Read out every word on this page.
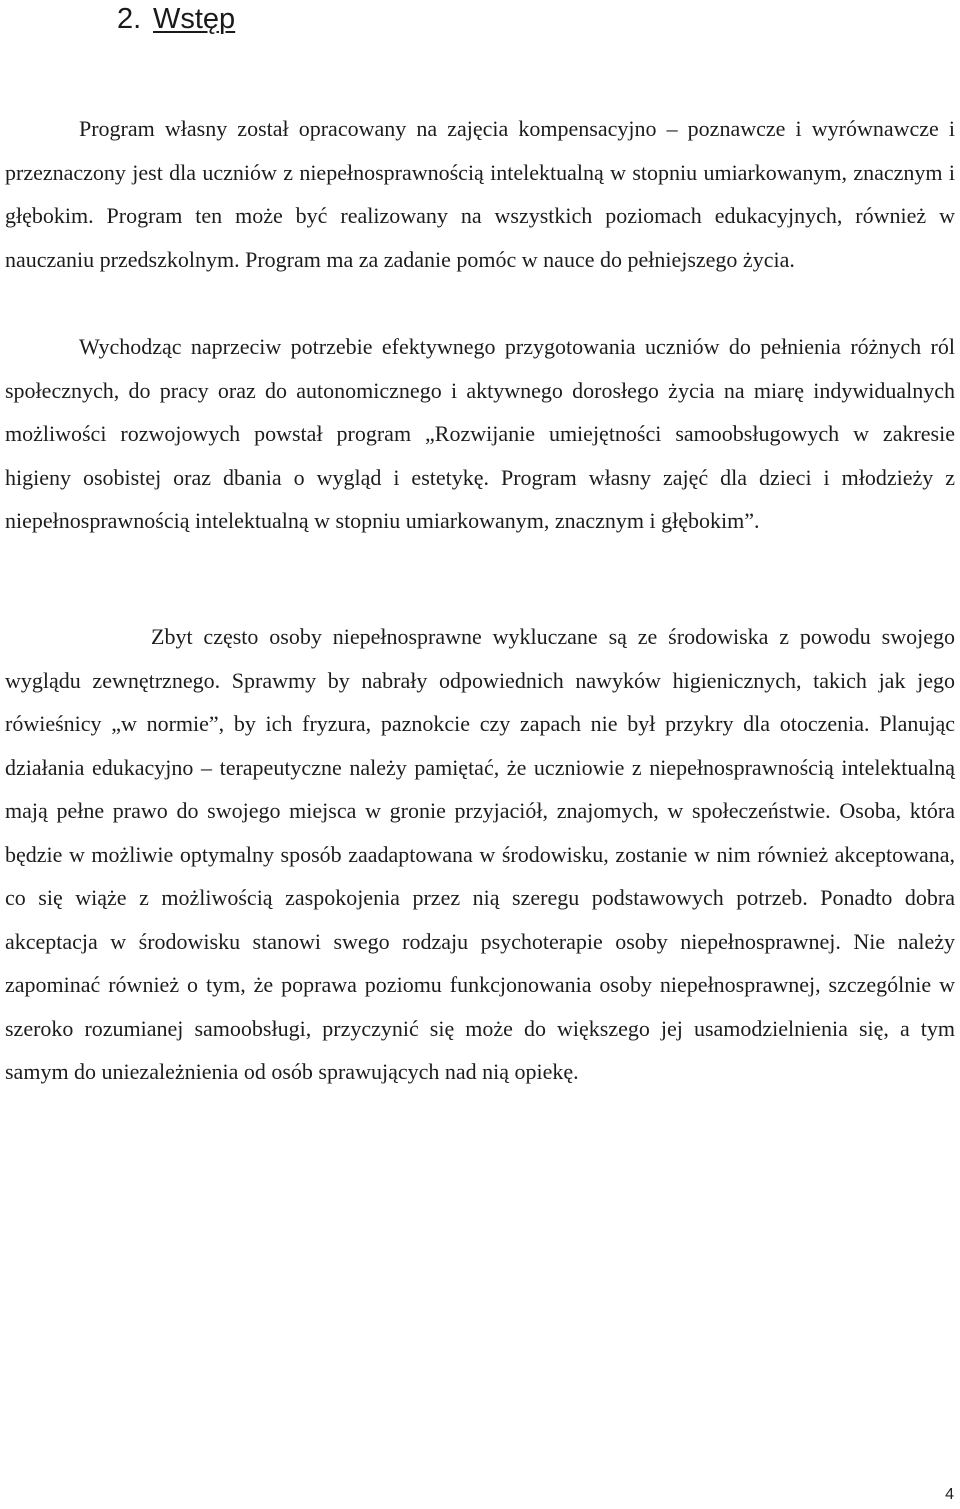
2. Wstęp

Program własny został opracowany na zajęcia kompensacyjno – poznawcze i wyrównawcze i przeznaczony jest dla uczniów z niepełnosprawnością intelektualną w stopniu umiarkowanym, znacznym i głębokim. Program ten może być realizowany na wszystkich poziomach edukacyjnych, również w nauczaniu przedszkolnym. Program ma za zadanie pomóc w nauce do pełniejszego życia.

Wychodząc naprzeciw potrzebie efektywnego przygotowania uczniów do pełnienia różnych ról społecznych, do pracy oraz do autonomicznego i aktywnego dorosłego życia na miarę indywidualnych możliwości rozwojowych powstał program „Rozwijanie umiejętności samoobsługowych w zakresie higieny osobistej oraz dbania o wygląd i estetykę. Program własny zajęć dla dzieci i młodzieży z niepełnosprawnością intelektualną w stopniu umiarkowanym, znacznym i głębokim”.

Zbyt często osoby niepełnosprawne wykluczane są ze środowiska z powodu swojego wyglądu zewnętrznego. Sprawmy by nabrały odpowiednich nawyków higienicznych, takich jak jego rówieśnicy „w normie”, by ich fryzura, paznokcie czy zapach nie był przykry dla otoczenia. Planując działania edukacyjno – terapeutyczne należy pamiętać, że uczniowie z niepełnosprawnością intelektualną mają pełne prawo do swojego miejsca w gronie przyjaciół, znajomych, w społeczeństwie. Osoba, która będzie w możliwie optymalny sposób zaadaptowana w środowisku, zostanie w nim również akceptowana, co się wiąże z możliwością zaspokojenia przez nią szeregu podstawowych potrzeb. Ponadto dobra akceptacja w środowisku stanowi swego rodzaju psychoterapie osoby niepełnosprawnej. Nie należy zapominać również o tym, że poprawa poziomu funkcjonowania osoby niepełnosprawnej, szczególnie w szeroko rozumianej samoobsługi, przyczynić się może do większego jej usamodzielnienia się, a tym samym do uniezależnienia od osób sprawujących nad nią opiekę.

4
